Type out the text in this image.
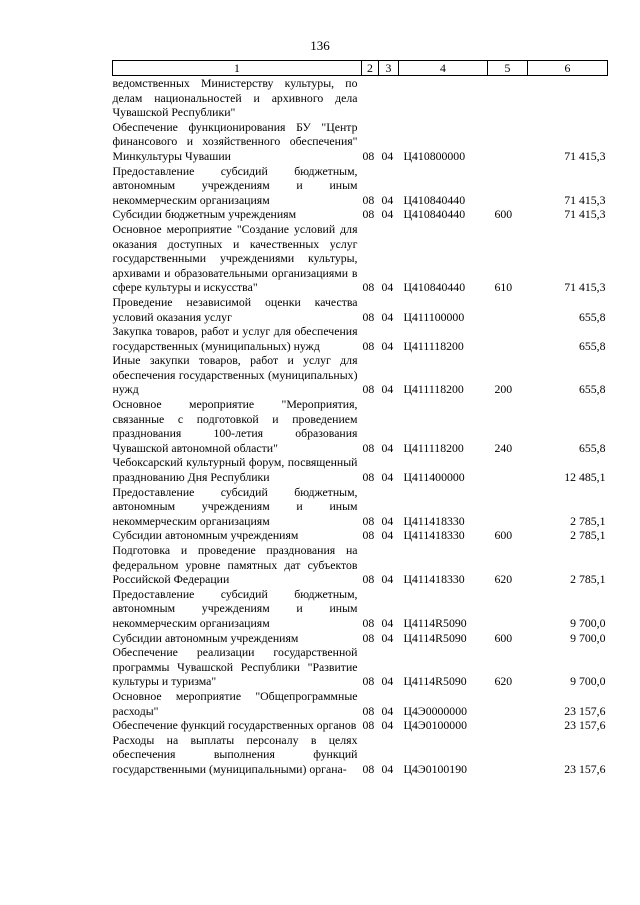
136
1	2	3	4	5	6
ведомственных Министерству культуры, по делам национальностей и архивного дела Чувашской Республики"					
Обеспечение функционирования БУ "Центр финансового и хозяйственного обеспечения" Минкультуры Чувашии	08	04	Ц410800000		71 415,3
Предоставление субсидий бюджетным, автономным учреждениям и иным некоммерческим организациям	08	04	Ц410840440		71 415,3
Субсидии бюджетным учреждениям	08	04	Ц410840440	600	71 415,3
Основное мероприятие "Создание условий для оказания доступных и качественных услуг государственными учреждениями культуры, архивами и образовательными организациями в сфере культуры и искусства"	08	04	Ц410840440	610	71 415,3
Проведение независимой оценки качества условий оказания услуг	08	04	Ц411100000		655,8
Закупка товаров, работ и услуг для обеспечения государственных (муниципальных) нужд	08	04	Ц411118200		655,8
Иные закупки товаров, работ и услуг для обеспечения государственных (муниципальных) нужд	08	04	Ц411118200	200	655,8
Основное мероприятие "Мероприятия, связанные с подготовкой и проведением празднования 100-летия образования Чувашской автономной области"	08	04	Ц411118200	240	655,8
Чебоксарский культурный форум, посвященный празднованию Дня Республики	08	04	Ц411400000		12 485,1
Предоставление субсидий бюджетным, автономным учреждениям и иным некоммерческим организациям	08	04	Ц411418330		2 785,1
Субсидии автономным учреждениям	08	04	Ц411418330	600	2 785,1
Подготовка и проведение празднования на федеральном уровне памятных дат субъектов Российской Федерации	08	04	Ц411418330	620	2 785,1
Предоставление субсидий бюджетным, автономным учреждениям и иным некоммерческим организациям	08	04	Ц4114R5090		9 700,0
Субсидии автономным учреждениям	08	04	Ц4114R5090	600	9 700,0
Обеспечение реализации государственной программы Чувашской Республики "Развитие культуры и туризма"	08	04	Ц4114R5090	620	9 700,0
Основное мероприятие "Общепрограммные расходы"	08	04	Ц4Э0000000		23 157,6
Обеспечение функций государственных органов	08	04	Ц4Э0100000		23 157,6
Расходы на выплаты персоналу в целях обеспечения выполнения функций государственными (муниципальными) органа-	08	04	Ц4Э0100190		23 157,6
